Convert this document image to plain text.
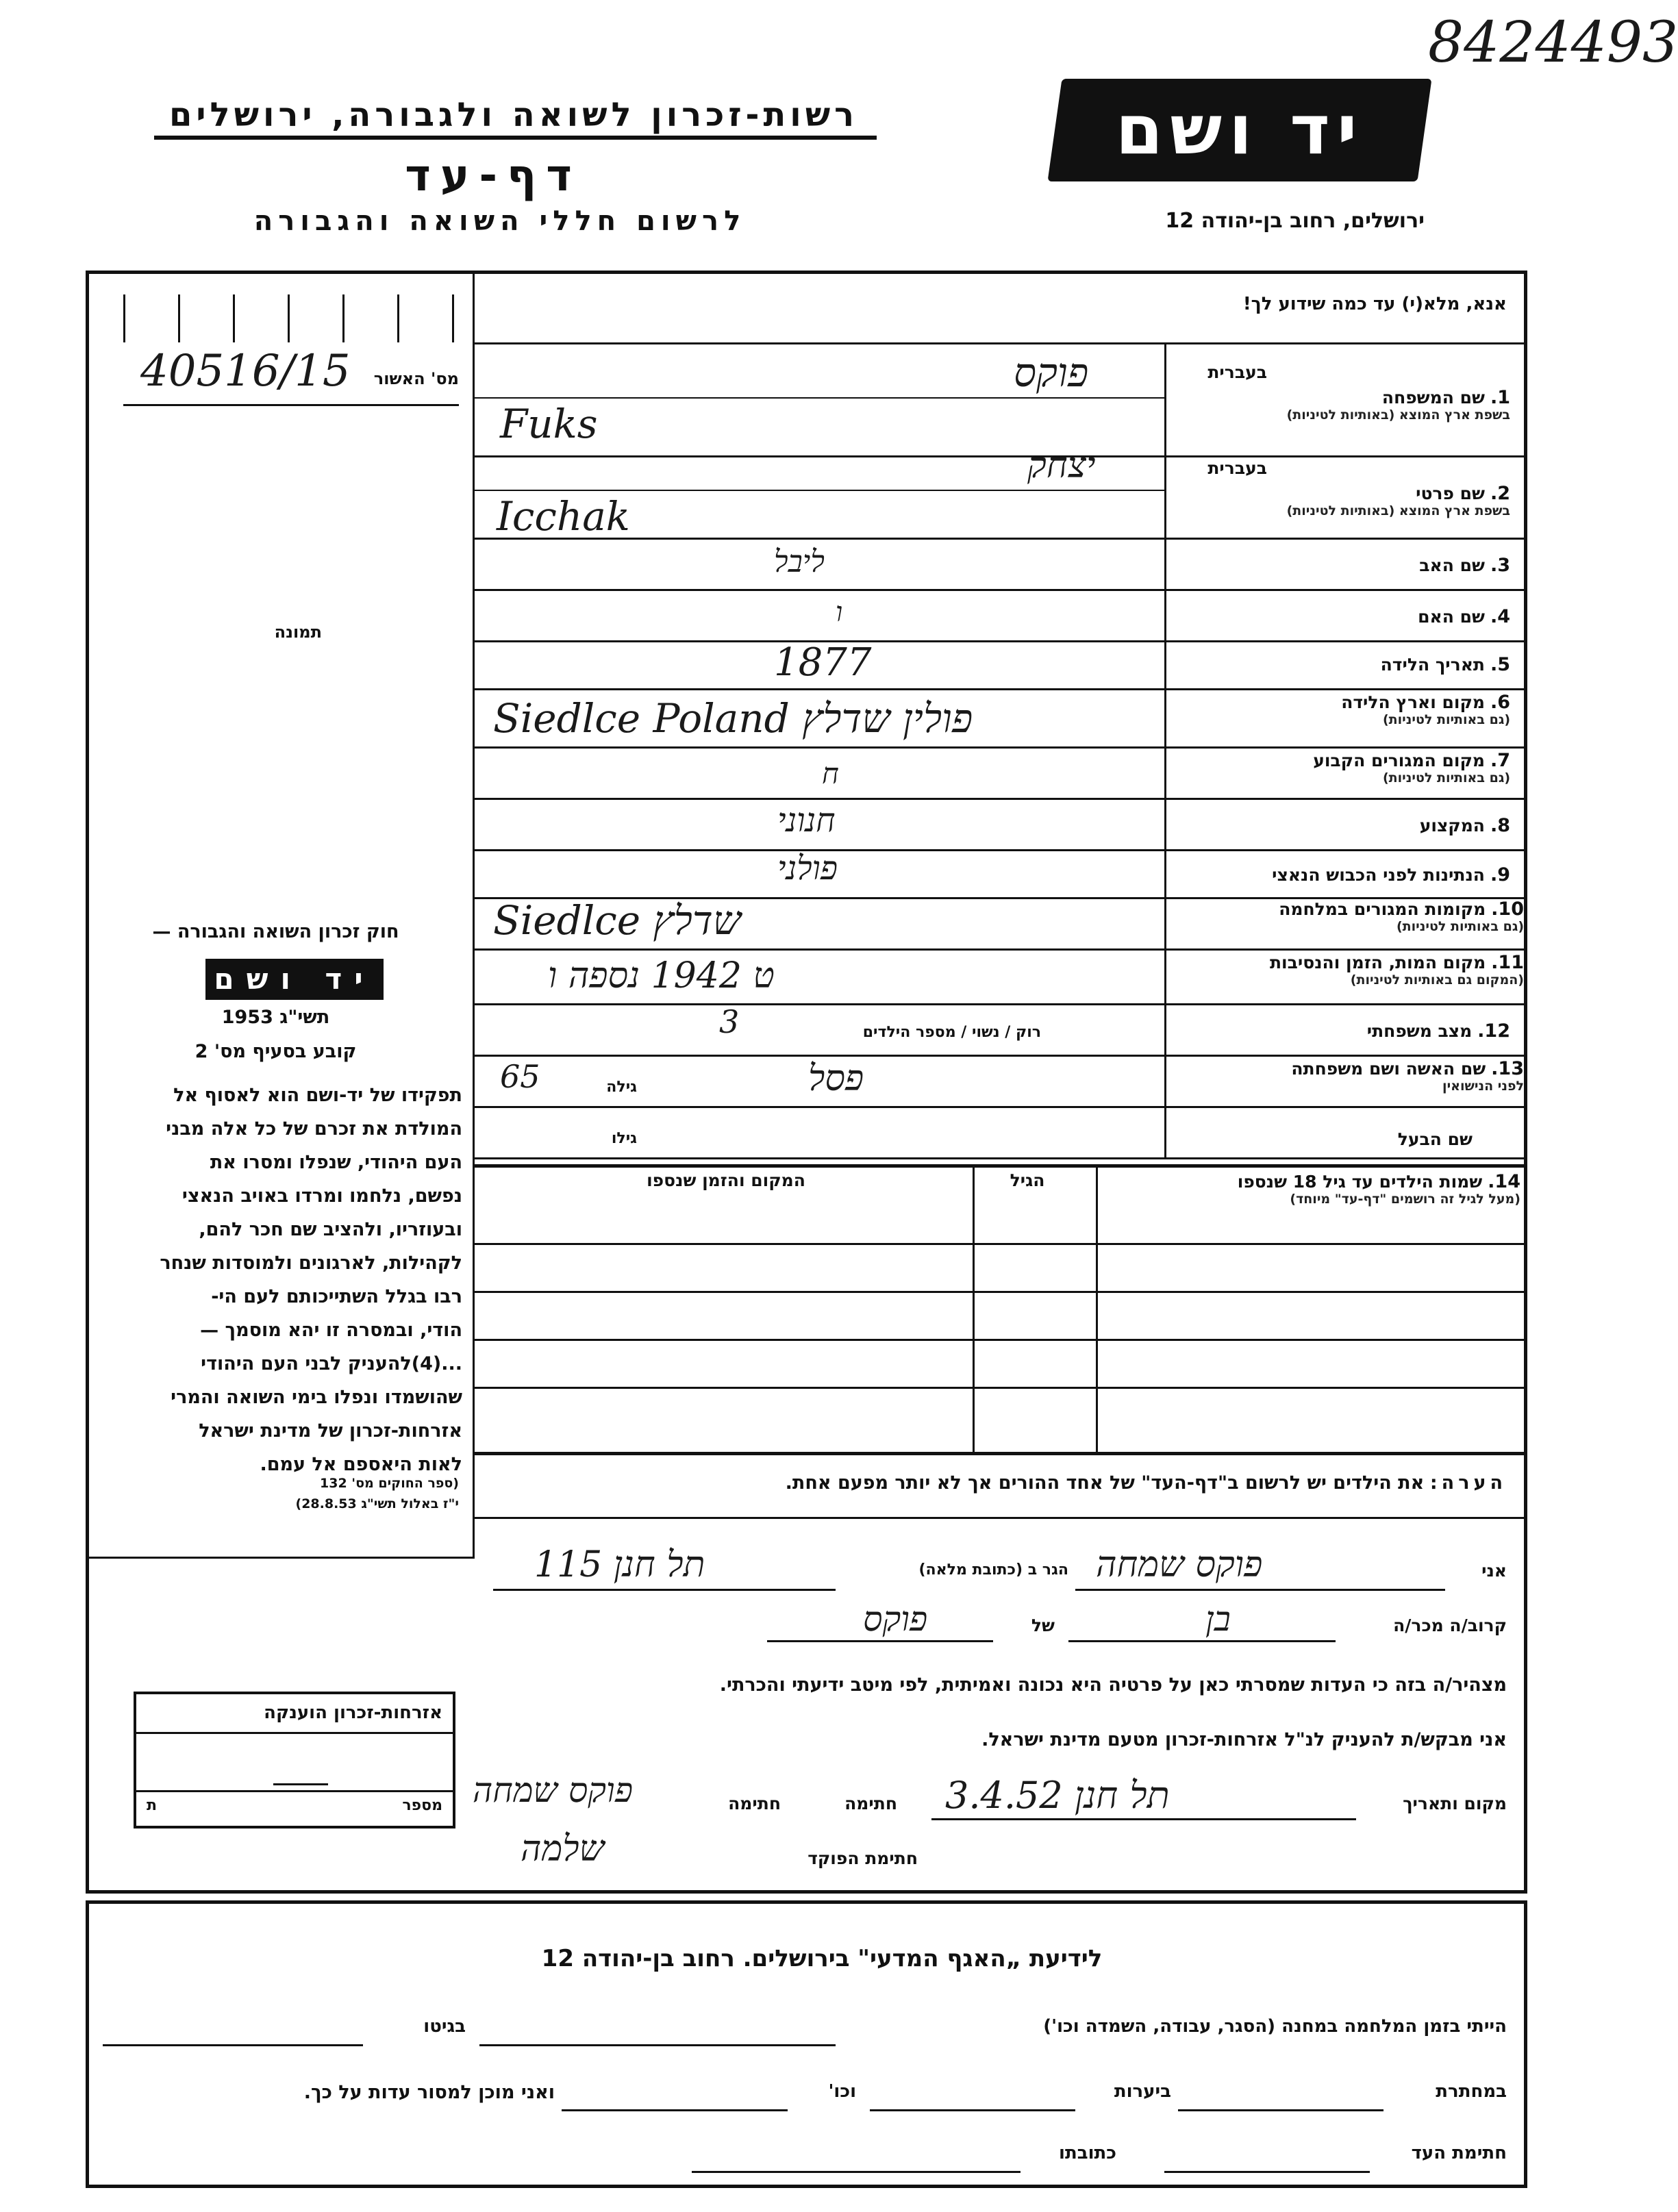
8424493
רשות-זכרון לשואה ולגבורה, ירושלים
דף-עד
לרשום חללי השואה והגבורה
יד ושם
ירושלים, רחוב בן-יהודה 12
מס' האשור
40516/15
תמונה
חוק זכרון השואה והגבורה —
יד ושם
תשי"ג 1953
קובע בסעיף מס' 2
תפקידו של יד-ושם הוא לאסוף אל
המולדת את זכרם של כל אלה מבני
העם היהודי, שנפלו ומסרו את
נפשם, נלחמו ומרדו באויב הנאצי
ובעוזריו, ולהציב שם חכר להם,
לקהילות, לארגונים ולמוסדות שנחר
רבו בגלל השתייכותם לעם הי-
הודי, ובמסרה זו יהא מוסמך —
...(4)להעניק לבני העם היהודי
שהושמדו ונפלו בימי השואה והמרי
אזרחות-זכרון של מדינת ישראל
לאות היאספם אל עמם.
(ספר החוקים מס' 132
י"ז באלול תשי"ג 28.8.53)
אנא, מלא(י) עד כמה שידוע לך!
בעברית
1. שם המשפחה
בשפת ארץ המוצא (באותיות לטיניות)
פוקס
Fuks
בעברית
2. שם פרטי
בשפת ארץ המוצא (באותיות לטיניות)
יצחק
Icchak
3. שם האב
ליבל
4. שם האם
ו
5. תאריך הלידה
1877
6. מקום וארץ הלידה
(גם באותיות לטיניות)
Siedlce Poland פולין שדלץ
7. מקום המגורים הקבוע
(גם באותיות לטיניות)
ח
8. המקצוע
חנוני
9. הנתינות לפני הכבוש הנאצי
פולני
10. מקומות המגורים במלחמה
(גם באותיות לטיניות)
Siedlce שדלץ
11. מקום המות, הזמן והנסיבות
(המקום גם באותיות לטיניות)
ט 1942 נספה ו
12. מצב משפחתי
רוק / נשוי / מספר הילדים
3
13. שם האשה ושם משפחתה
לפני הנישואין
גילה
65	פסל
שם הבעל
גילו
14. שמות הילדים עד גיל 18 שנספו
(מעל לגיל זה רושמים "דף-עד" מיוחד)
הגיל
המקום והזמן שנספו
הערה: את הילדים יש לרשום ב"דף-העד" של אחד ההורים אך לא יותר מפעם אחת.
אני
פוקס שמחה
הגר ב (כתובת מלאה)
תל חנן 115
קרוב/ה מכר/ה
בן
של
פוקס
מצהיר/ה בזה כי העדות שמסרתי כאן על פרטיה היא נכונה ואמיתית, לפי מיטב ידיעתי והכרתי.
אני מבקש/ת להעניק לנ"ל אזרחות-זכרון מטעם מדינת ישראל.
מקום ותאריך
תל חנן 3.4.52
חתימה
חתימה
פוקס שמחה
חתימת הפוקד
שלמה
אזרחות-זכרון הוענקה
מספר
ת
לידיעת „האגף המדעי" בירושלים. רחוב בן-יהודה 12
הייתי בזמן המלחמה במחנה (הסגר, עבודה, השמדה וכו')
בגיטו
במחתרת
ביערות
וכו'
ואני מוכן למסור עדות על כך.
חתימת העד
כתובתו
